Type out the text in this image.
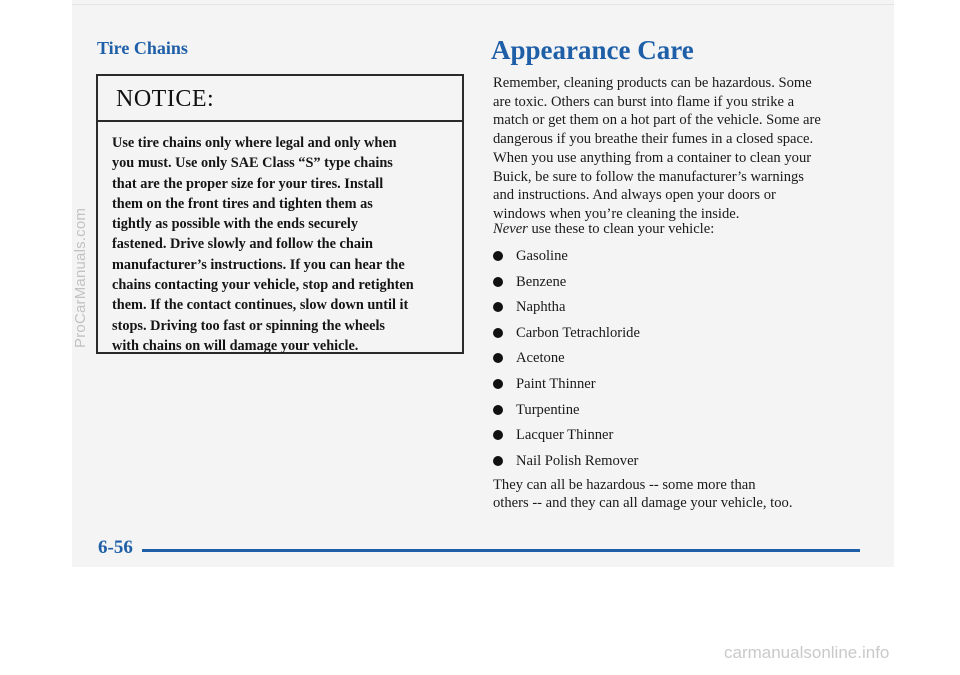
Tire Chains
NOTICE:
Use tire chains only where legal and only when
you must. Use only SAE Class “S” type chains
that are the proper size for your tires. Install
them on the front tires and tighten them as
tightly as possible with the ends securely
fastened. Drive slowly and follow the chain
manufacturer’s instructions. If you can hear the
chains contacting your vehicle, stop and retighten
them. If the contact continues, slow down until it
stops. Driving too fast or spinning the wheels
with chains on will damage your vehicle.
Appearance Care
Remember, cleaning products can be hazardous. Some
are toxic. Others can burst into flame if you strike a
match or get them on a hot part of the vehicle. Some are
dangerous if you breathe their fumes in a closed space.
When you use anything from a container to clean your
Buick, be sure to follow the manufacturer’s warnings
and instructions. And always open your doors or
windows when you’re cleaning the inside.
Never use these to clean your vehicle:
Gasoline
Benzene
Naphtha
Carbon Tetrachloride
Acetone
Paint Thinner
Turpentine
Lacquer Thinner
Nail Polish Remover
They can all be hazardous -- some more than
others -- and they can all damage your vehicle, too.
6-56
ProCarManuals.com
carmanualsonline.info
